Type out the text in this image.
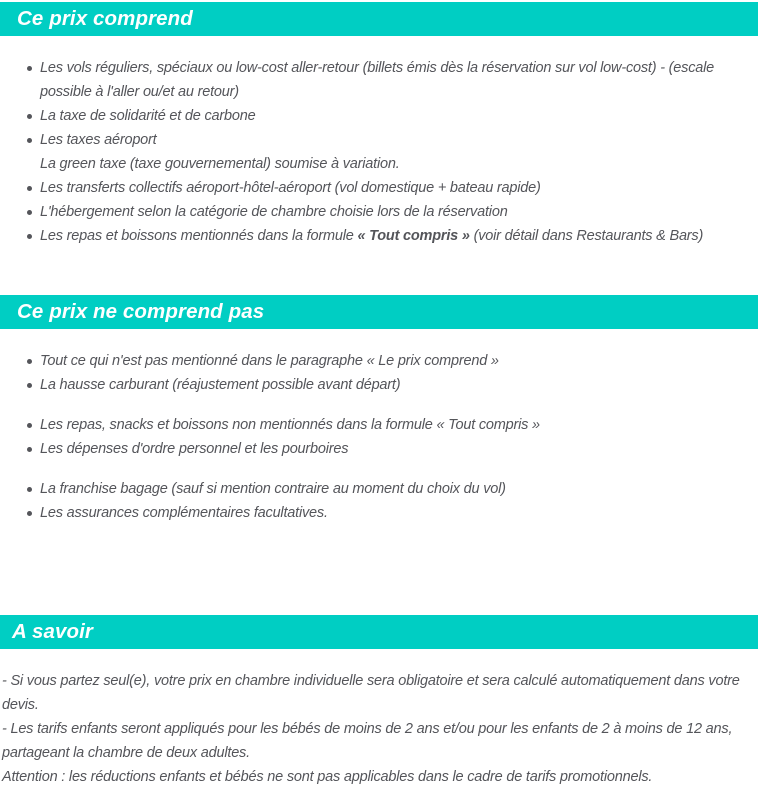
Ce prix comprend
Les vols réguliers, spéciaux ou low-cost aller-retour (billets émis dès la réservation sur vol low-cost) - (escale possible à l'aller ou/et au retour)
La taxe de solidarité et de carbone
Les taxes aéroport
La green taxe (taxe gouvernemental) soumise à variation.
Les transferts collectifs aéroport-hôtel-aéroport (vol domestique + bateau rapide)
L'hébergement selon la catégorie de chambre choisie lors de la réservation
Les repas et boissons mentionnés dans la formule « Tout compris » (voir détail dans Restaurants & Bars)
Ce prix ne comprend pas
Tout ce qui n'est pas mentionné dans le paragraphe « Le prix comprend »
La hausse carburant (réajustement possible avant départ)
Les repas, snacks et boissons non mentionnés dans la formule « Tout compris »
Les dépenses d'ordre personnel et les pourboires
La franchise bagage (sauf si mention contraire au moment du choix du vol)
Les assurances complémentaires facultatives.
A savoir

- Si vous partez seul(e), votre prix en chambre individuelle sera obligatoire et sera calculé automatiquement dans votre devis.

- Les tarifs enfants seront appliqués pour les bébés de moins de 2 ans et/ou pour les enfants de 2 à moins de 12 ans, partageant la chambre de deux adultes.

Attention : les réductions enfants et bébés ne sont pas applicables dans le cadre de tarifs promotionnels.
